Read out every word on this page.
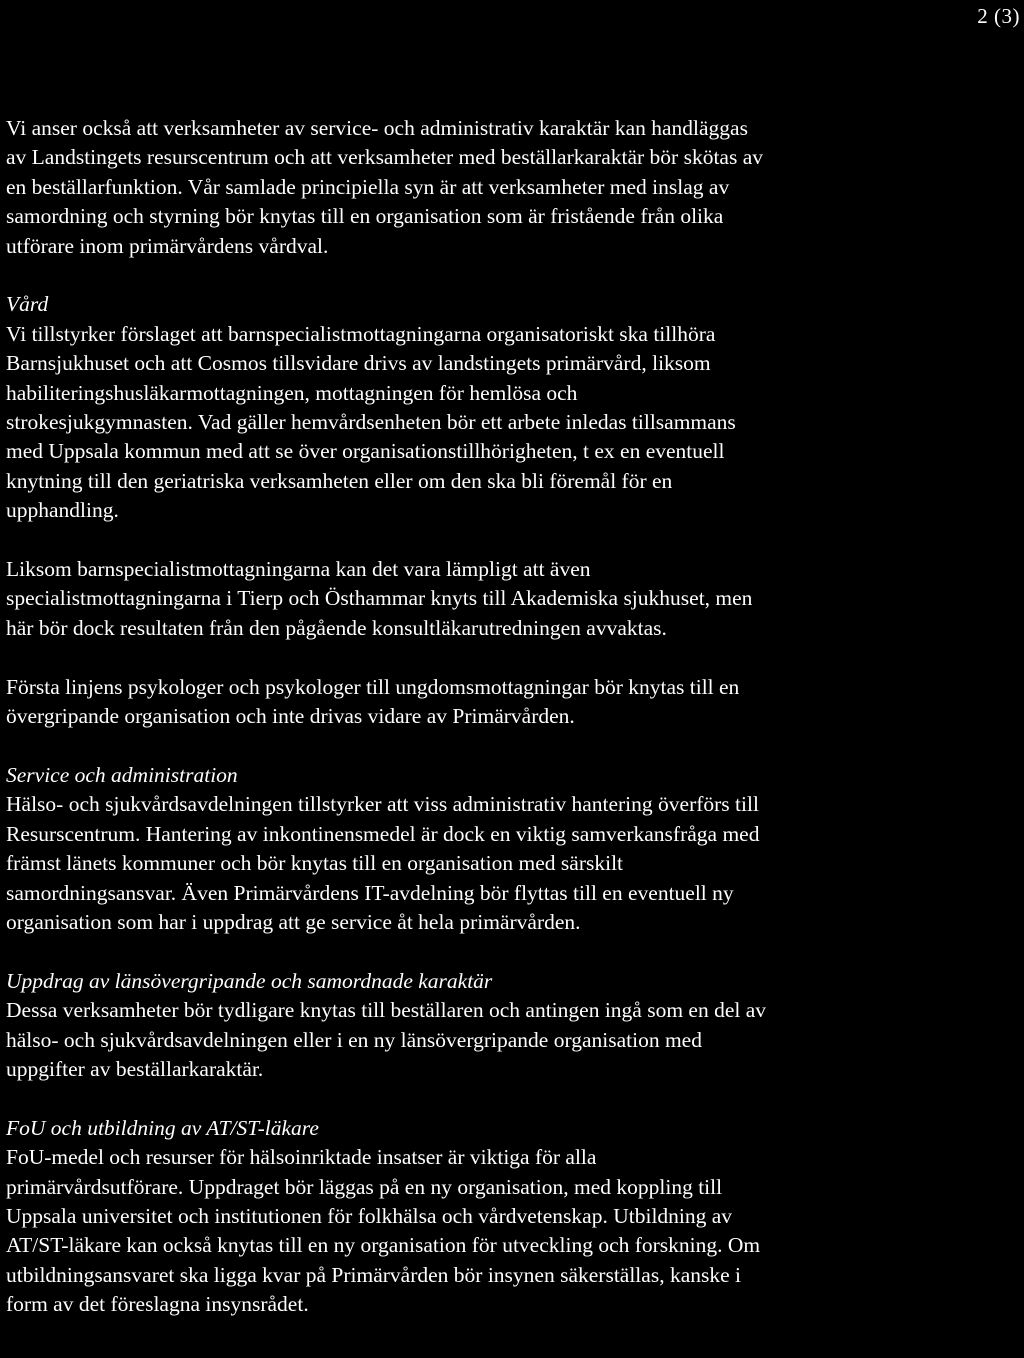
2 (3)
Vi anser också att verksamheter av service- och administrativ karaktär kan handläggas
av Landstingets resurscentrum och att verksamheter med beställarkaraktär bör skötas av
en beställarfunktion. Vår samlade principiella syn är att verksamheter med inslag av
samordning och styrning bör knytas till en organisation som är fristående från olika
utförare inom primärvårdens vårdval.
Vård
Vi tillstyrker förslaget att barnspecialistmottagningarna organisatoriskt ska tillhöra
Barnsjukhuset och att Cosmos tillsvidare drivs av landstingets primärvård, liksom
habiliteringshusläkarmottagningen, mottagningen för hemlösa och
strokesjukgymnasten. Vad gäller hemvårdsenheten bör ett arbete inledas tillsammans
med Uppsala kommun med att se över organisationstillhörigheten, t ex en eventuell
knytning till den geriatriska verksamheten eller om den ska bli föremål för en
upphandling.
Liksom barnspecialistmottagningarna kan det vara lämpligt att även
specialistmottagningarna i Tierp och Östhammar knyts till Akademiska sjukhuset, men
här bör dock resultaten från den pågående konsultläkarutredningen avvaktas.
Första linjens psykologer och psykologer till ungdomsmottagningar bör knytas till en
övergripande organisation och inte drivas vidare av Primärvården.
Service och administration
Hälso- och sjukvårdsavdelningen tillstyrker att viss administrativ hantering överförs till
Resurscentrum. Hantering av inkontinensmedel är dock en viktig samverkansfråga med
främst länets kommuner och bör knytas till en organisation med särskilt
samordningsansvar. Även Primärvårdens IT-avdelning bör flyttas till en eventuell ny
organisation som har i uppdrag att ge service åt hela primärvården.
Uppdrag av länsövergripande och samordnade karaktär
Dessa verksamheter bör tydligare knytas till beställaren och antingen ingå som en del av
hälso- och sjukvårdsavdelningen eller i en ny länsövergripande organisation med
uppgifter av beställarkaraktär.
FoU och utbildning av AT/ST-läkare
FoU-medel och resurser för hälsoinriktade insatser är viktiga för alla
primärvårdsutförare. Uppdraget bör läggas på en ny organisation, med koppling till
Uppsala universitet och institutionen för folkhälsa och vårdvetenskap. Utbildning av
AT/ST-läkare kan också knytas till en ny organisation för utveckling och forskning. Om
utbildningsansvaret ska ligga kvar på Primärvården bör insynen säkerställas, kanske i
form av det föreslagna insynsrådet.
